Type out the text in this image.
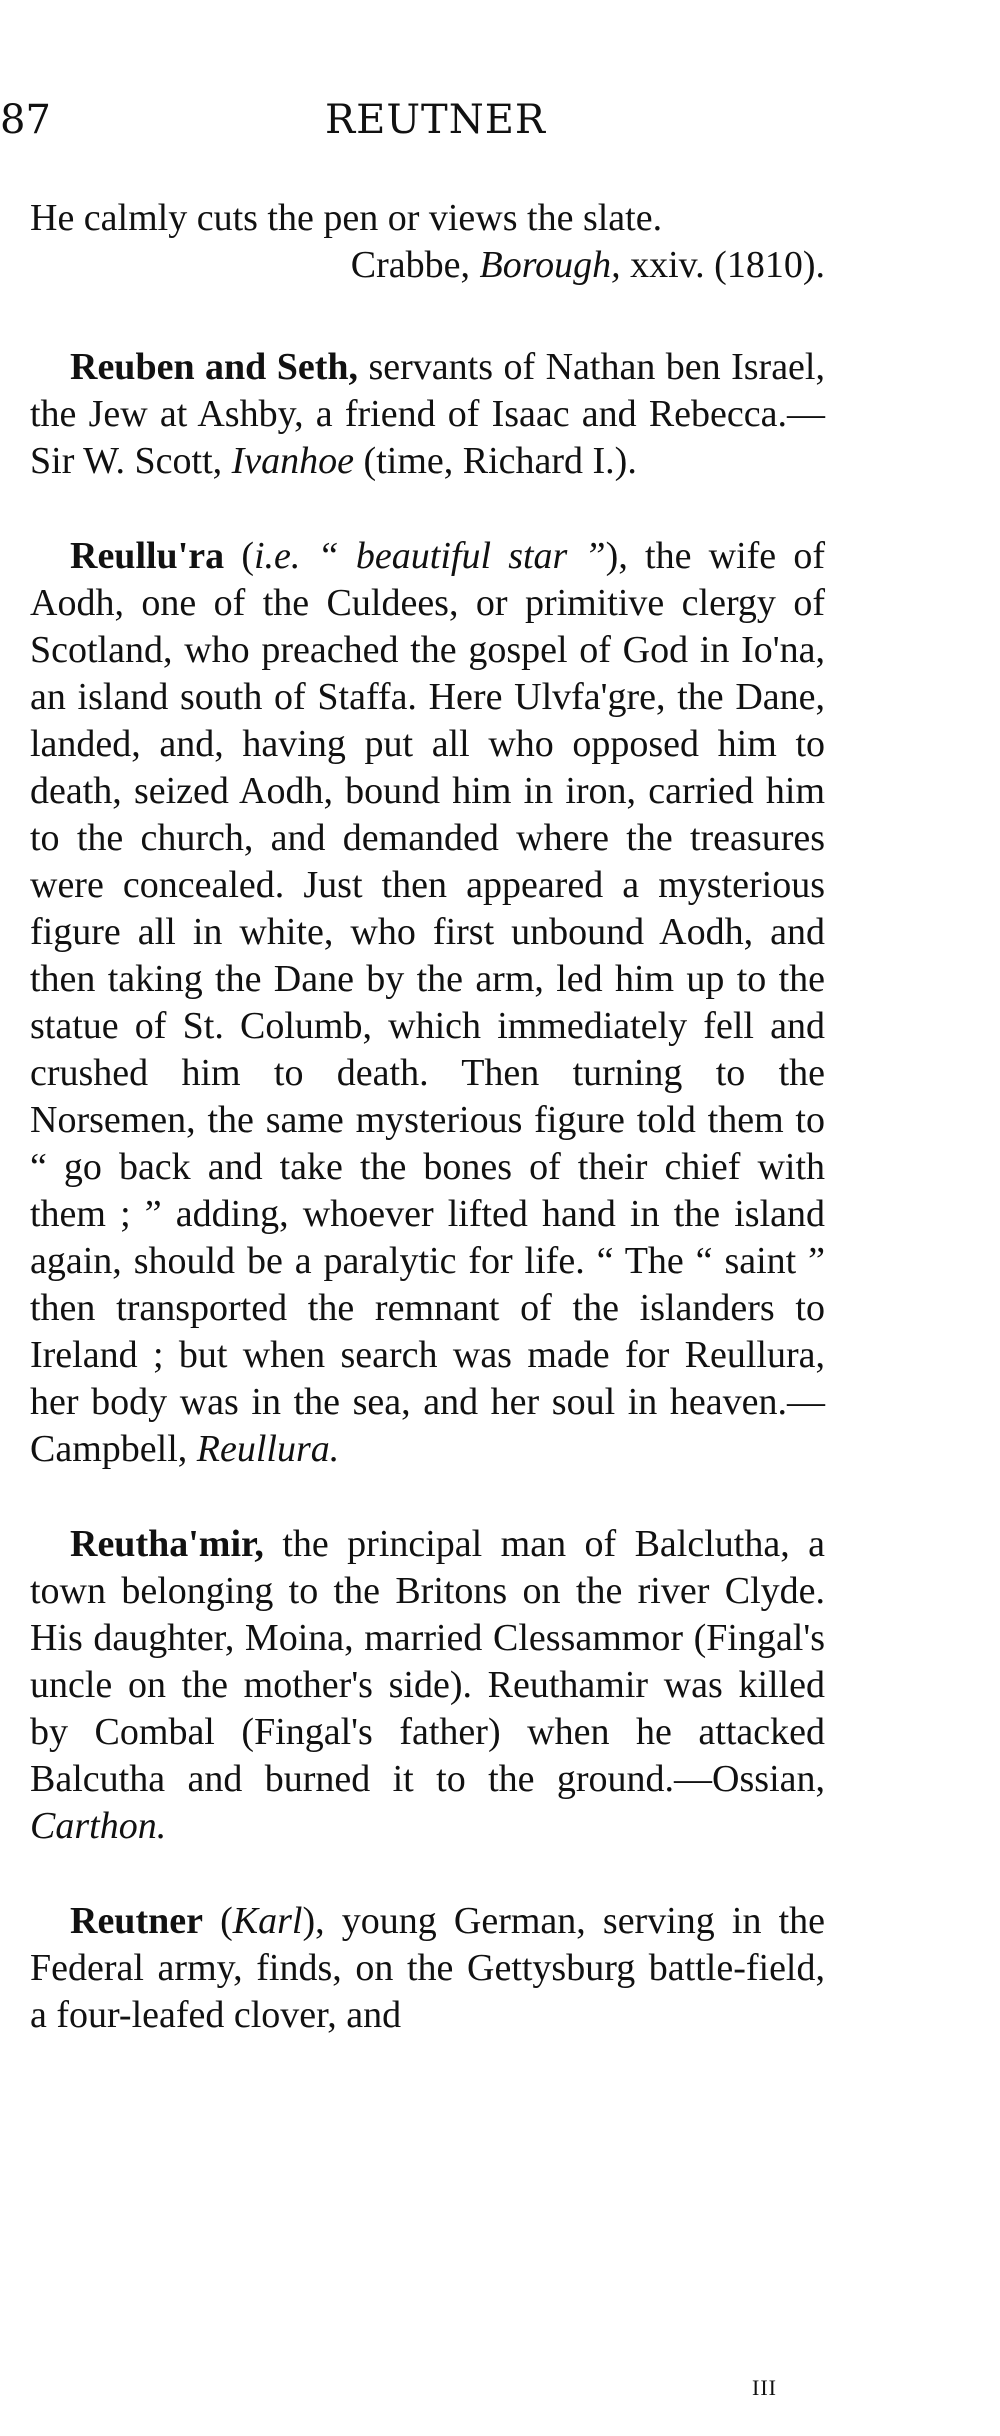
87	REUTNER

He calmly cuts the pen or views the slate.

Crabbe, Borough, xxiv. (1810).

Reuben and Seth, servants of Nathan ben Israel, the Jew at Ashby, a friend of Isaac and Rebecca.—Sir W. Scott, Ivanhoe (time, Richard I.).

Reullu'ra (i.e. “ beautiful star ”), the wife of Aodh, one of the Culdees, or primitive clergy of Scotland, who preached the gospel of God in Io'na, an island south of Staffa. Here Ulvfa'gre, the Dane, landed, and, having put all who opposed him to death, seized Aodh, bound him in iron, carried him to the church, and demanded where the treasures were concealed. Just then appeared a mysterious figure all in white, who first unbound Aodh, and then taking the Dane by the arm, led him up to the statue of St. Columb, which immediately fell and crushed him to death. Then turning to the Norsemen, the same mysterious figure told them to “ go back and take the bones of their chief with them ; ” adding, whoever lifted hand in the island again, should be a paralytic for life. “ The “ saint ” then transported the remnant of the islanders to Ireland ; but when search was made for Reullura, her body was in the sea, and her soul in heaven.—Campbell, Reullura.

Reutha'mir, the principal man of Balclutha, a town belonging to the Britons on the river Clyde. His daughter, Moina, married Clessammor (Fingal's uncle on the mother's side). Reuthamir was killed by Combal (Fingal's father) when he attacked Balcutha and burned it to the ground.—Ossian, Carthon.

Reutner (Karl), young German, serving in the Federal army, finds, on the Gettysburg battle-field, a four-leafed clover, and

III
